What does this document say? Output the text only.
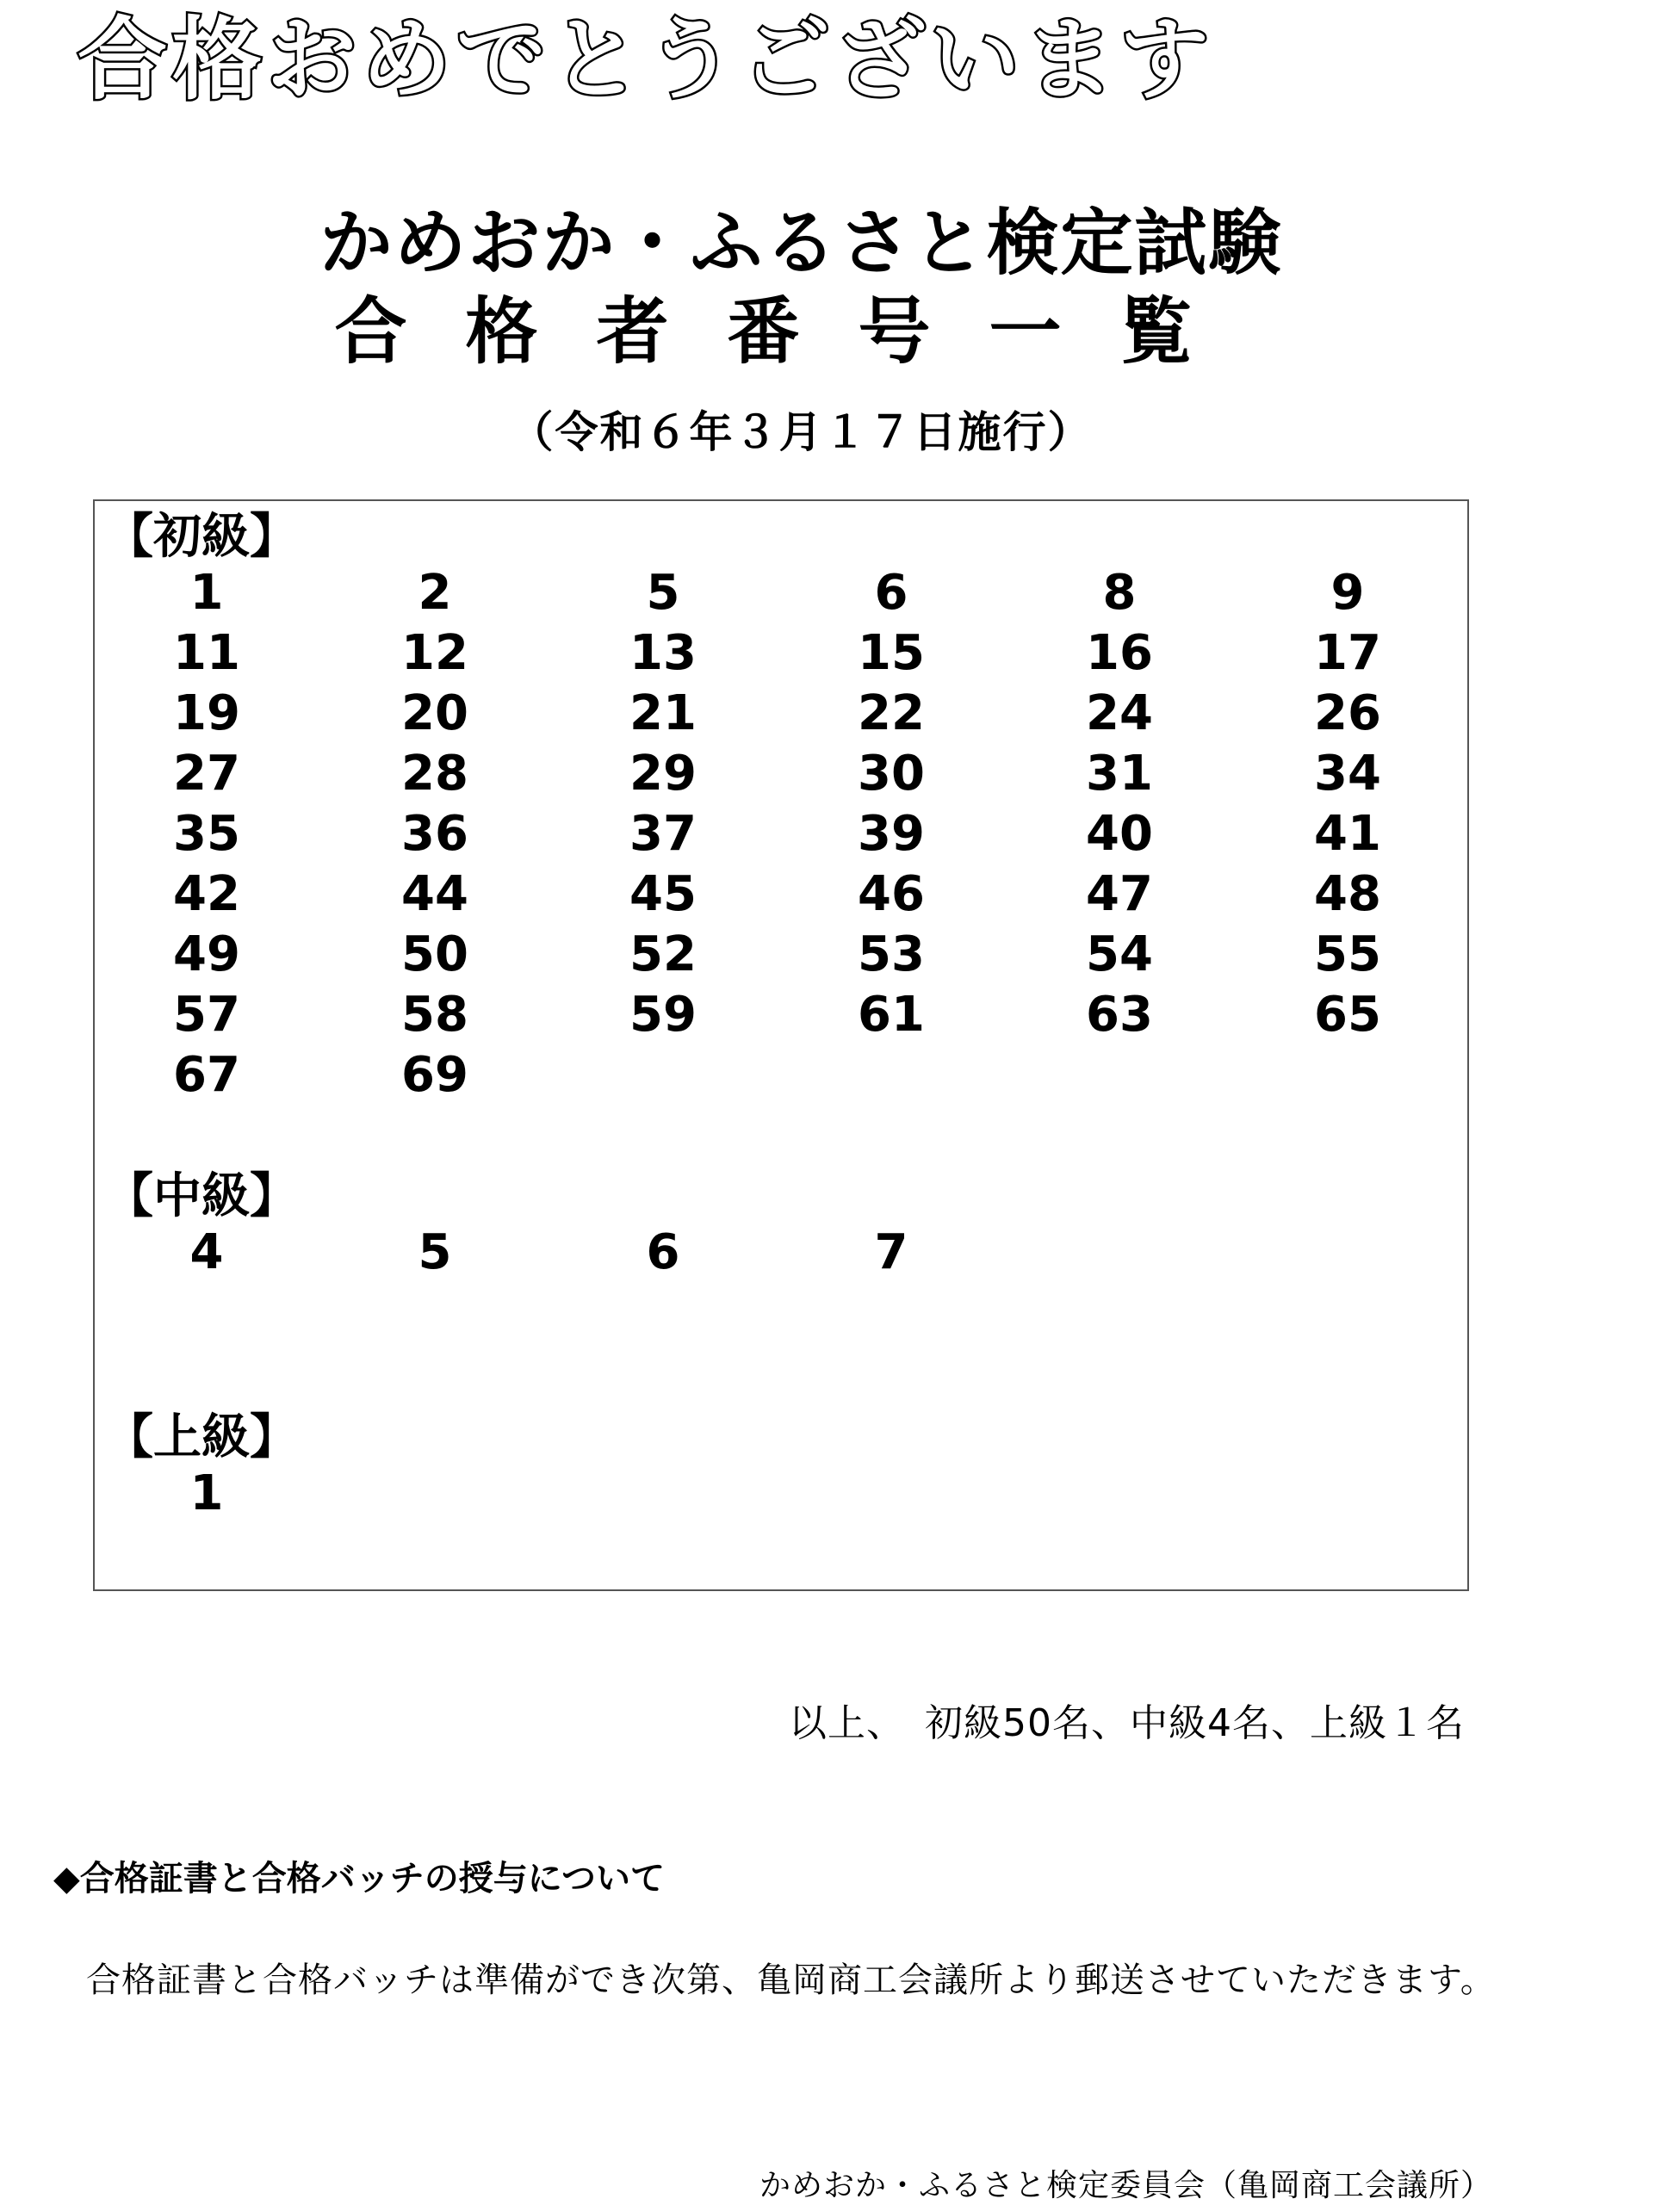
合格おめでとうございます
かめおか・ふるさと検定試験
合格者番号一覧
（令和６年３月１７日施行）
【初級】
1	2	5	6	8	9
11	12	13	15	16	17
19	20	21	22	24	26
27	28	29	30	31	34
35	36	37	39	40	41
42	44	45	46	47	48
49	50	52	53	54	55
57	58	59	61	63	65
67	69
【中級】
4	5	6	7
【上級】
1
以上、　初級50名、中級4名、上級１名
◆合格証書と合格バッチの授与について
合格証書と合格バッチは準備ができ次第、亀岡商工会議所より郵送させていただきます。
かめおか・ふるさと検定委員会（亀岡商工会議所）
